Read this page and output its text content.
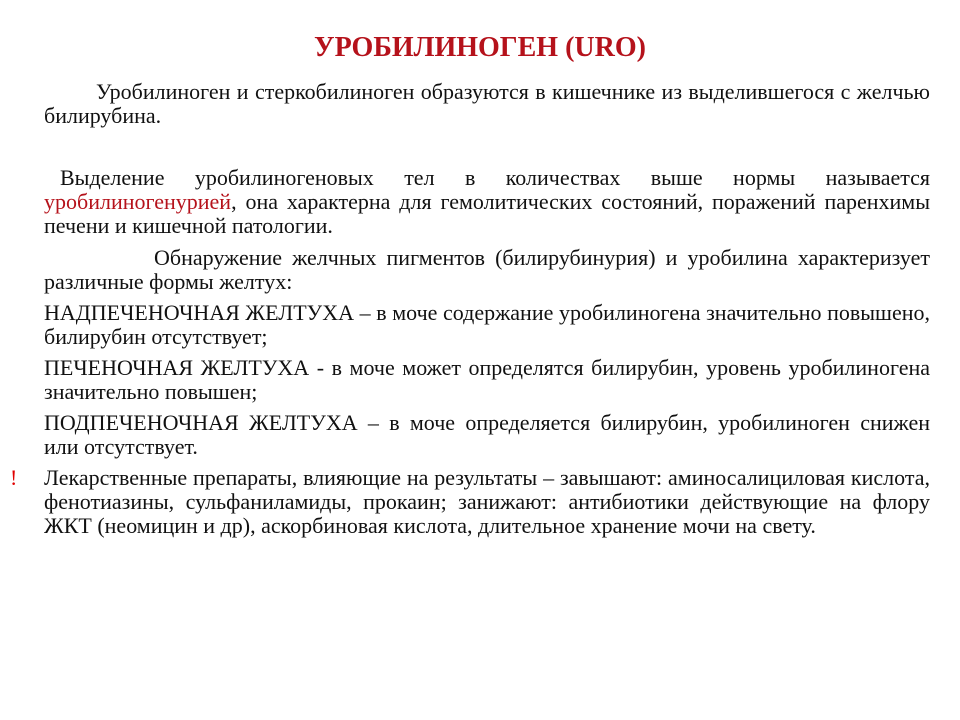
УРОБИЛИНОГЕН (URO)

Уробилиноген и стеркобилиноген образуются в кишечнике из выделившегося с желчью билирубина.

Выделение уробилиногеновых тел в количествах выше нормы называется уробилиногенурией, она характерна для гемолитических состояний, поражений паренхимы печени и кишечной патологии.

Обнаружение желчных пигментов (билирубинурия) и уробилина характеризует различные формы желтух:

НАДПЕЧЕНОЧНАЯ ЖЕЛТУХА – в моче содержание уробилиногена значительно повышено, билирубин отсутствует;

ПЕЧЕНОЧНАЯ ЖЕЛТУХА - в моче может определятся билирубин, уровень уробилиногена значительно повышен;

ПОДПЕЧЕНОЧНАЯ ЖЕЛТУХА – в моче определяется билирубин, уробилиноген снижен или отсутствует.

! Лекарственные препараты, влияющие на результаты – завышают: аминосалициловая кислота, фенотиазины, сульфаниламиды, прокаин; занижают: антибиотики действующие на флору ЖКТ (неомицин и др), аскорбиновая кислота, длительное хранение мочи на свету.
